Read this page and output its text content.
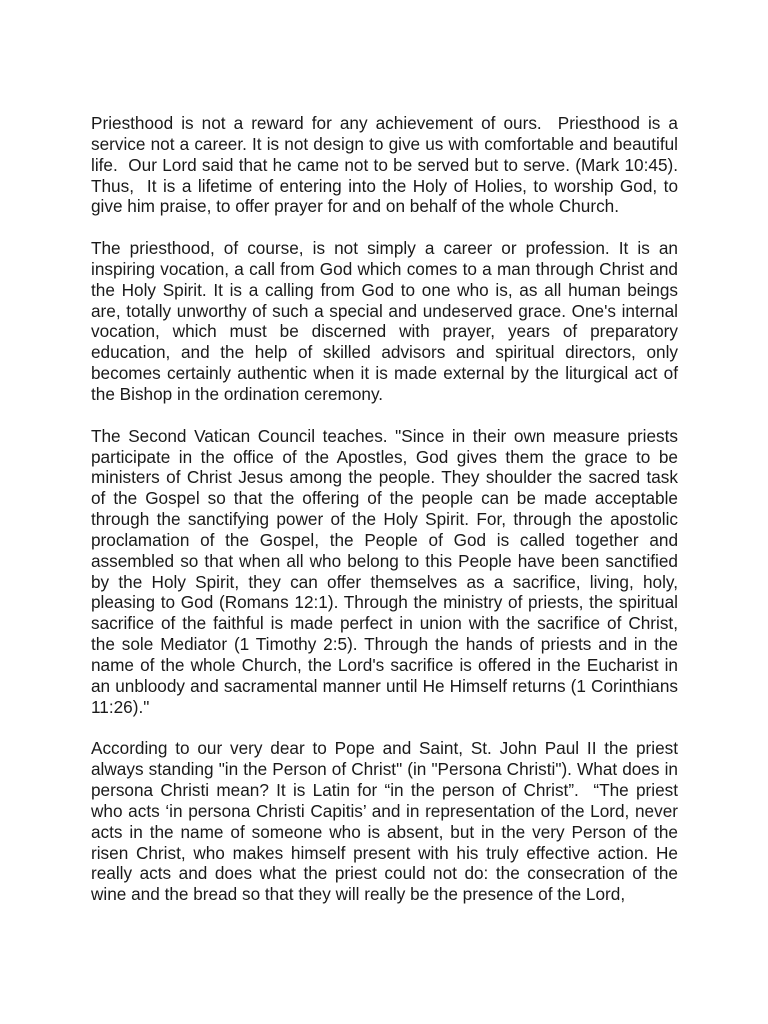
Priesthood is not a reward for any achievement of ours.  Priesthood is a service not a career. It is not design to give us with comfortable and beautiful life.  Our Lord said that he came not to be served but to serve. (Mark 10:45). Thus,  It is a lifetime of entering into the Holy of Holies, to worship God, to give him praise, to offer prayer for and on behalf of the whole Church.

The priesthood, of course, is not simply a career or profession. It is an inspiring vocation, a call from God which comes to a man through Christ and the Holy Spirit. It is a calling from God to one who is, as all human beings are, totally unworthy of such a special and undeserved grace. One's internal vocation, which must be discerned with prayer, years of preparatory education, and the help of skilled advisors and spiritual directors, only becomes certainly authentic when it is made external by the liturgical act of the Bishop in the ordination ceremony.

The Second Vatican Council teaches. "Since in their own measure priests participate in the office of the Apostles, God gives them the grace to be ministers of Christ Jesus among the people. They shoulder the sacred task of the Gospel so that the offering of the people can be made acceptable through the sanctifying power of the Holy Spirit. For, through the apostolic proclamation of the Gospel, the People of God is called together and assembled so that when all who belong to this People have been sanctified by the Holy Spirit, they can offer themselves as a sacrifice, living, holy, pleasing to God (Romans 12:1). Through the ministry of priests, the spiritual sacrifice of the faithful is made perfect in union with the sacrifice of Christ, the sole Mediator (1 Timothy 2:5). Through the hands of priests and in the name of the whole Church, the Lord's sacrifice is offered in the Eucharist in an unbloody and sacramental manner until He Himself returns (1 Corinthians 11:26)."

According to our very dear to Pope and Saint, St. John Paul II the priest always standing "in the Person of Christ" (in "Persona Christi"). What does in persona Christi mean? It is Latin for “in the person of Christ”.  “The priest who acts ‘in persona Christi Capitis’ and in representation of the Lord, never acts in the name of someone who is absent, but in the very Person of the risen Christ, who makes himself present with his truly effective action. He really acts and does what the priest could not do: the consecration of the wine and the bread so that they will really be the presence of the Lord,
